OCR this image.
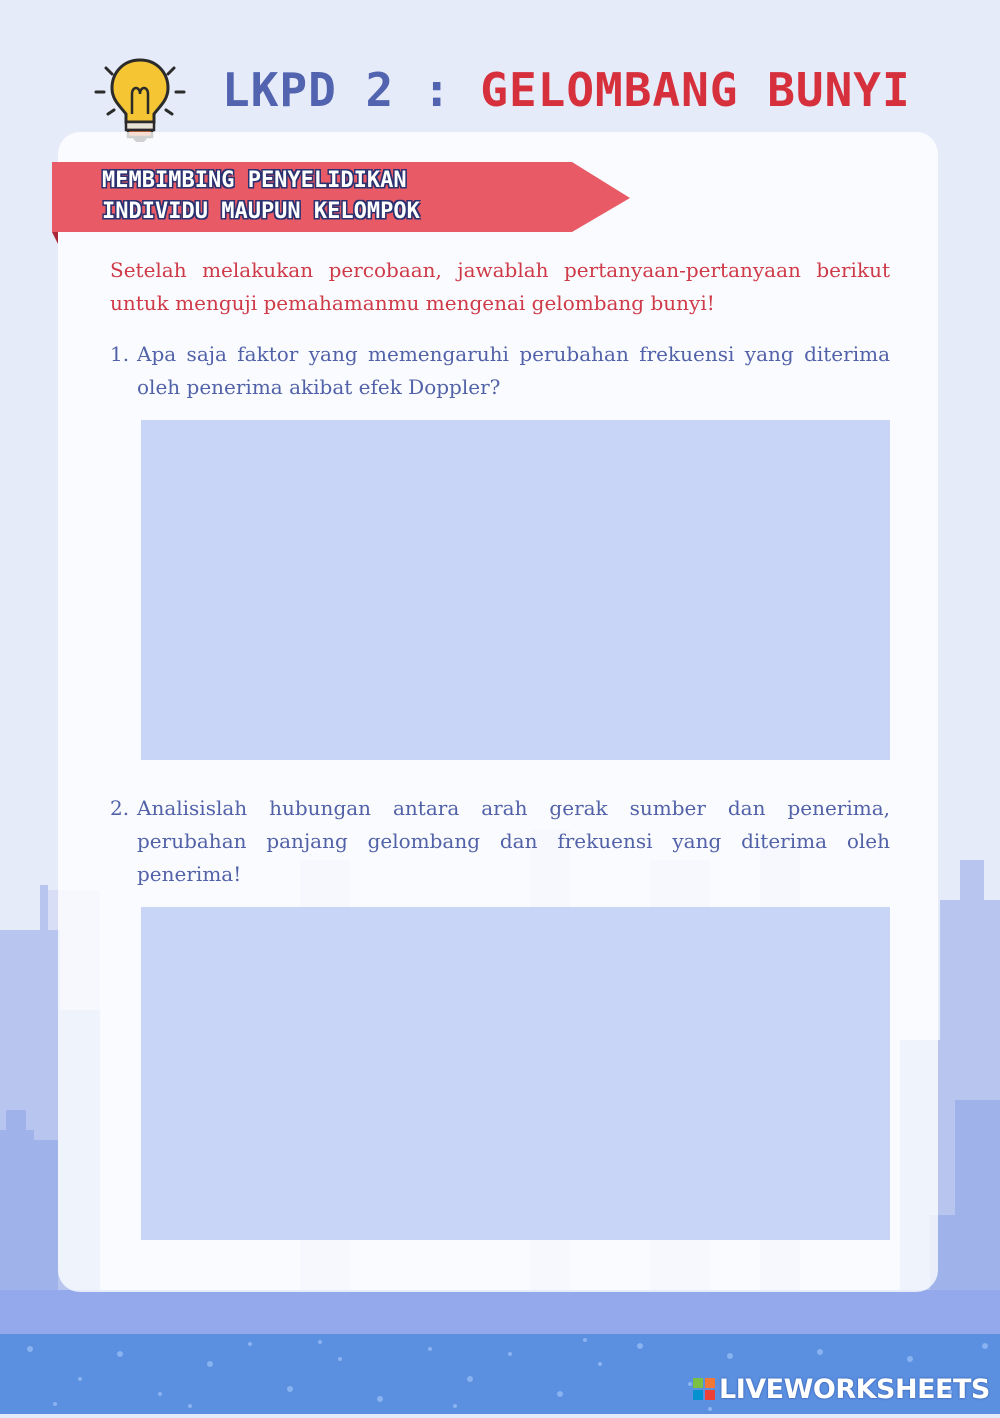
LKPD 2 : GELOMBANG BUNYI
MEMBIMBING PENYELIDIKAN
INDIVIDU MAUPUN KELOMPOK
Setelah melakukan percobaan, jawablah pertanyaan-pertanyaan berikut untuk menguji pemahamanmu mengenai gelombang bunyi!
1. Apa saja faktor yang memengaruhi perubahan frekuensi yang diterima oleh penerima akibat efek Doppler?
2. Analisislah hubungan antara arah gerak sumber dan penerima, perubahan panjang gelombang dan frekuensi yang diterima oleh penerima!
LIVEWORKSHEETS
